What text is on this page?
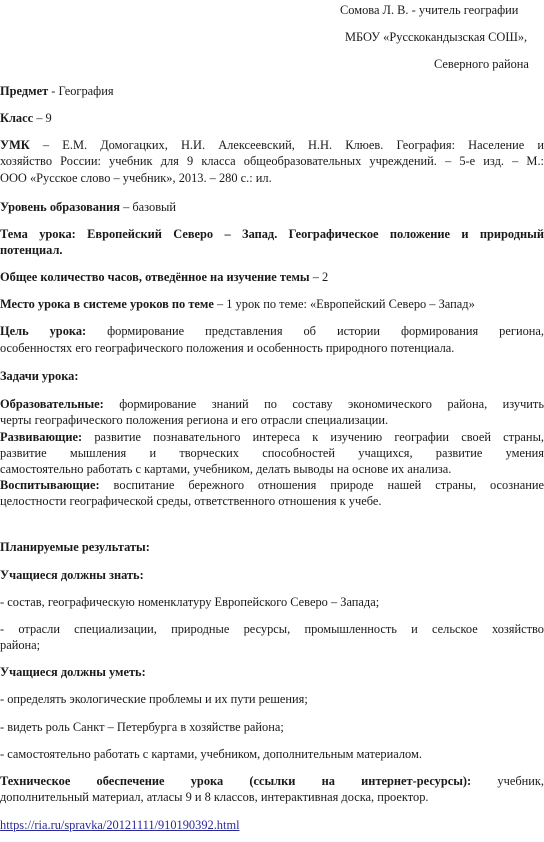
Сомова Л. В. - учитель географии
МБОУ «Русскокандызская СОШ»,
Северного района
Предмет - География
Класс – 9
УМК – Е.М. Домогацких, Н.И. Алексеевский, Н.Н. Клюев. География: Население и
хозяйство России: учебник для 9 класса общеобразовательных учреждений. – 5-е изд. – М.:
ООО «Русское слово – учебник», 2013. – 280 с.: ил.
Уровень образования – базовый
Тема урока: Европейский Северо – Запад. Географическое положение и природный
потенциал.
Общее количество часов, отведённое на изучение темы – 2
Место урока в системе уроков по теме – 1 урок по теме: «Европейский Северо – Запад»
Цель урока: формирование представления об истории формирования региона,
особенностях его географического положения и особенность природного потенциала.
Задачи урока:
Образовательные: формирование знаний по составу экономического района, изучить
черты географического положения региона и его отрасли специализации.
Развивающие: развитие познавательного интереса к изучению географии своей страны,
развитие мышления и творческих способностей учащихся, развитие умения
самостоятельно работать с картами, учебником, делать выводы на основе их анализа.
Воспитывающие: воспитание бережного отношения природе нашей страны, осознание
целостности географической среды, ответственного отношения к учебе.
Планируемые результаты:
Учащиеся должны знать:
- состав, географическую номенклатуру Европейского Северо – Запада;
- отрасли специализации, природные ресурсы, промышленность и сельское хозяйство
района;
Учащиеся должны уметь:
- определять экологические проблемы и их пути решения;
- видеть роль Санкт – Петербурга в хозяйстве района;
- самостоятельно работать с картами, учебником, дополнительным материалом.
Техническое обеспечение урока (ссылки на интернет-ресурсы): учебник,
дополнительный материал, атласы 9 и 8 классов, интерактивная доска, проектор.
https://ria.ru/spravka/20121111/910190392.html
